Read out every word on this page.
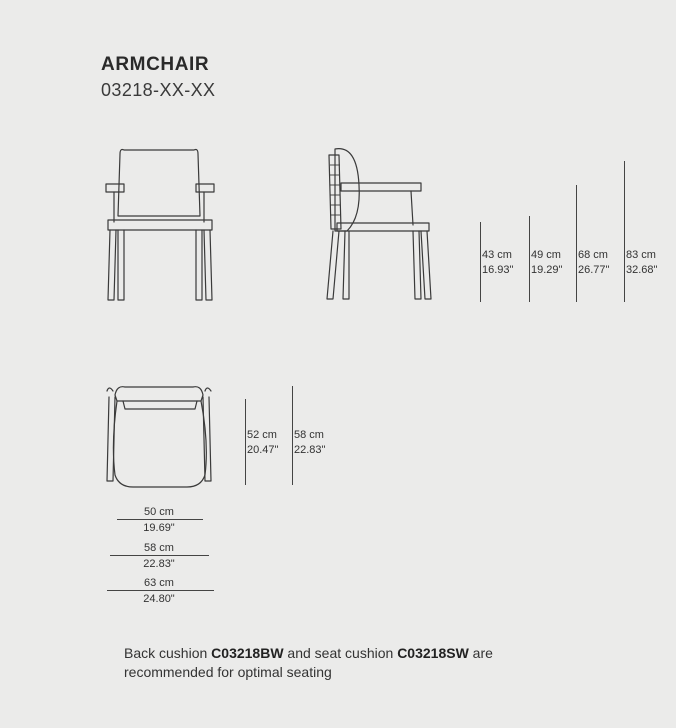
ARMCHAIR
03218-XX-XX
43 cm
16.93"
49 cm
19.29"
68 cm
26.77"
83 cm
32.68"
52 cm
20.47"
58 cm
22.83"
50 cm
19.69"
58 cm
22.83"
63 cm
24.80"
Back cushion C03218BW and seat cushion C03218SW are recommended for optimal seating
